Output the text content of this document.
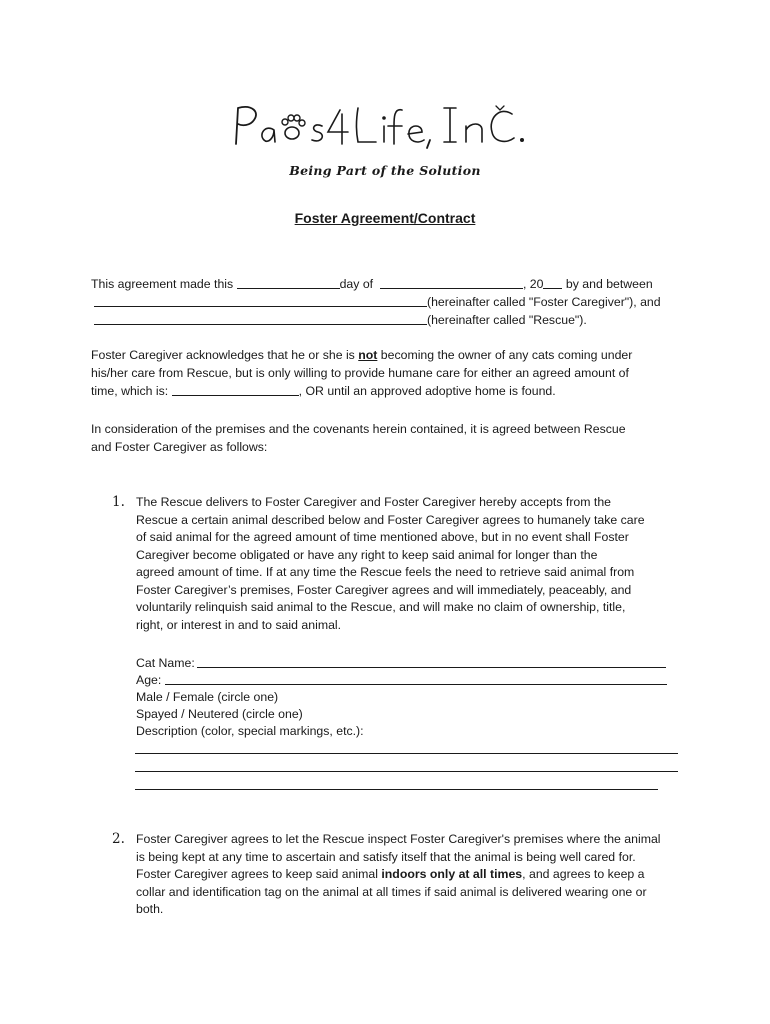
Being Part of the Solution
Foster Agreement/Contract
This agreement made this	day of	, 20 by and between
(hereinafter called "Foster Caregiver"), and
(hereinafter called "Rescue").
Foster Caregiver acknowledges that he or she is not becoming the owner of any cats coming under
his/her care from Rescue, but is only willing to provide humane care for either an agreed amount of
time, which is:	, OR until an approved adoptive home is found.
In consideration of the premises and the covenants herein contained, it is agreed between Rescue
and Foster Caregiver as follows:
1. The Rescue delivers to Foster Caregiver and Foster Caregiver hereby accepts from the
Rescue a certain animal described below and Foster Caregiver agrees to humanely take care
of said animal for the agreed amount of time mentioned above, but in no event shall Foster
Caregiver become obligated or have any right to keep said animal for longer than the
agreed amount of time. If at any time the Rescue feels the need to retrieve said animal from
Foster Caregiver’s premises, Foster Caregiver agrees and will immediately, peaceably, and
voluntarily relinquish said animal to the Rescue, and will make no claim of ownership, title,
right, or interest in and to said animal.
Cat Name:
Age:
Male / Female (circle one)
Spayed / Neutered (circle one)
Description (color, special markings, etc.):
2. Foster Caregiver agrees to let the Rescue inspect Foster Caregiver's premises where the animal
is being kept at any time to ascertain and satisfy itself that the animal is being well cared for.
Foster Caregiver agrees to keep said animal indoors only at all times, and agrees to keep a
collar and identification tag on the animal at all times if said animal is delivered wearing one or
both.
